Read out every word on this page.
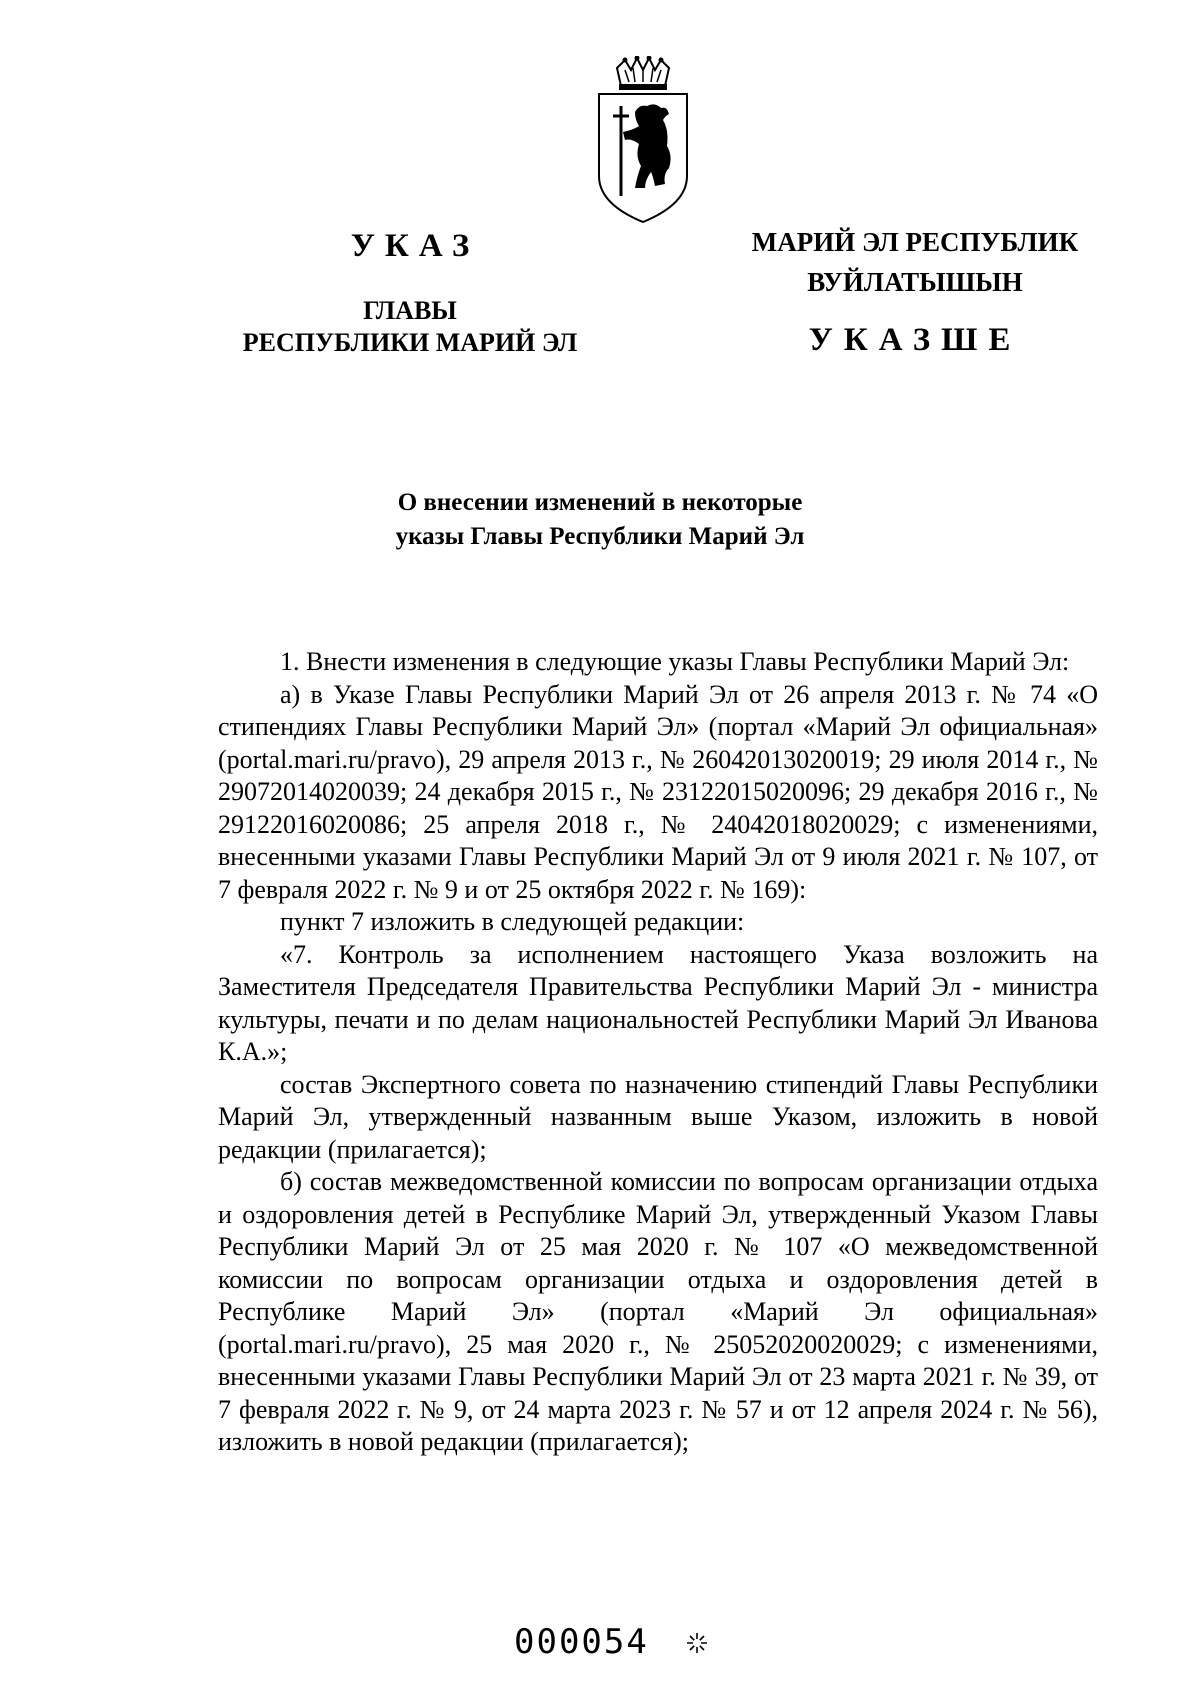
УКАЗ
ГЛАВЫ
РЕСПУБЛИКИ МАРИЙ ЭЛ
МАРИЙ ЭЛ РЕСПУБЛИК
ВУЙЛАТЫШЫН
УКАЗШЕ
О внесении изменений в некоторые
указы Главы Республики Марий Эл

1. Внести изменения в следующие указы Главы Республики Марий Эл:

а) в Указе Главы Республики Марий Эл от 26 апреля 2013 г. № 74 «О стипендиях Главы Республики Марий Эл» (портал «Марий Эл официальная» (portal.mari.ru/pravo), 29 апреля 2013 г., № 26042013020019; 29 июля 2014 г., № 29072014020039; 24 декабря 2015 г., № 23122015020096; 29 декабря 2016 г., № 29122016020086; 25 апреля 2018 г., № 24042018020029; с изменениями, внесенными указами Главы Республики Марий Эл от 9 июля 2021 г. № 107, от 7 февраля 2022 г. № 9 и от 25 октября 2022 г. № 169):

пункт 7 изложить в следующей редакции:

«7. Контроль за исполнением настоящего Указа возложить на Заместителя Председателя Правительства Республики Марий Эл - министра культуры, печати и по делам национальностей Республики Марий Эл Иванова К.А.»;

состав Экспертного совета по назначению стипендий Главы Республики Марий Эл, утвержденный названным выше Указом, изложить в новой редакции (прилагается);

б) состав межведомственной комиссии по вопросам организации отдыха и оздоровления детей в Республике Марий Эл, утвержденный Указом Главы Республики Марий Эл от 25 мая 2020 г. № 107 «О межведомственной комиссии по вопросам организации отдыха и оздоровления детей в Республике Марий Эл» (портал «Марий Эл официальная» (portal.mari.ru/pravo), 25 мая 2020 г., № 25052020020029; с изменениями, внесенными указами Главы Республики Марий Эл от 23 марта 2021 г. № 39, от 7 февраля 2022 г. № 9, от 24 марта 2023 г. № 57 и от 12 апреля 2024 г. № 56), изложить в новой редакции (прилагается);

000054
